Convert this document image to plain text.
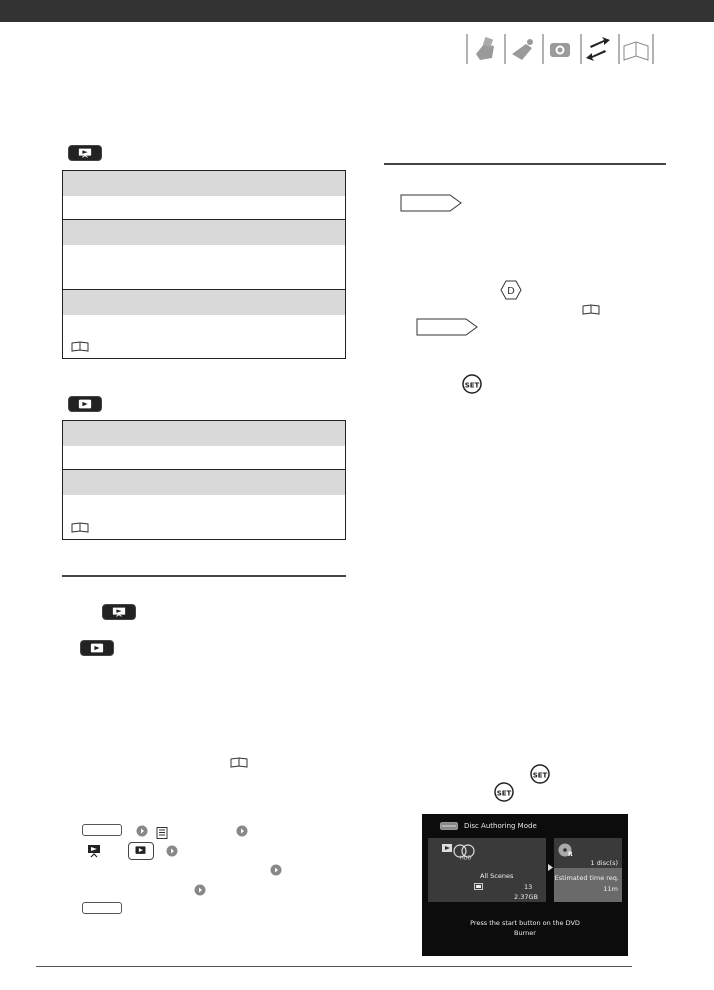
D
SET
SET
SET
Disc Authoring Mode
HDD
All Scenes
13
2.37GB
R
1 disc(s)
Estimated time req.
11m
Press the start button on the DVD
Burner
